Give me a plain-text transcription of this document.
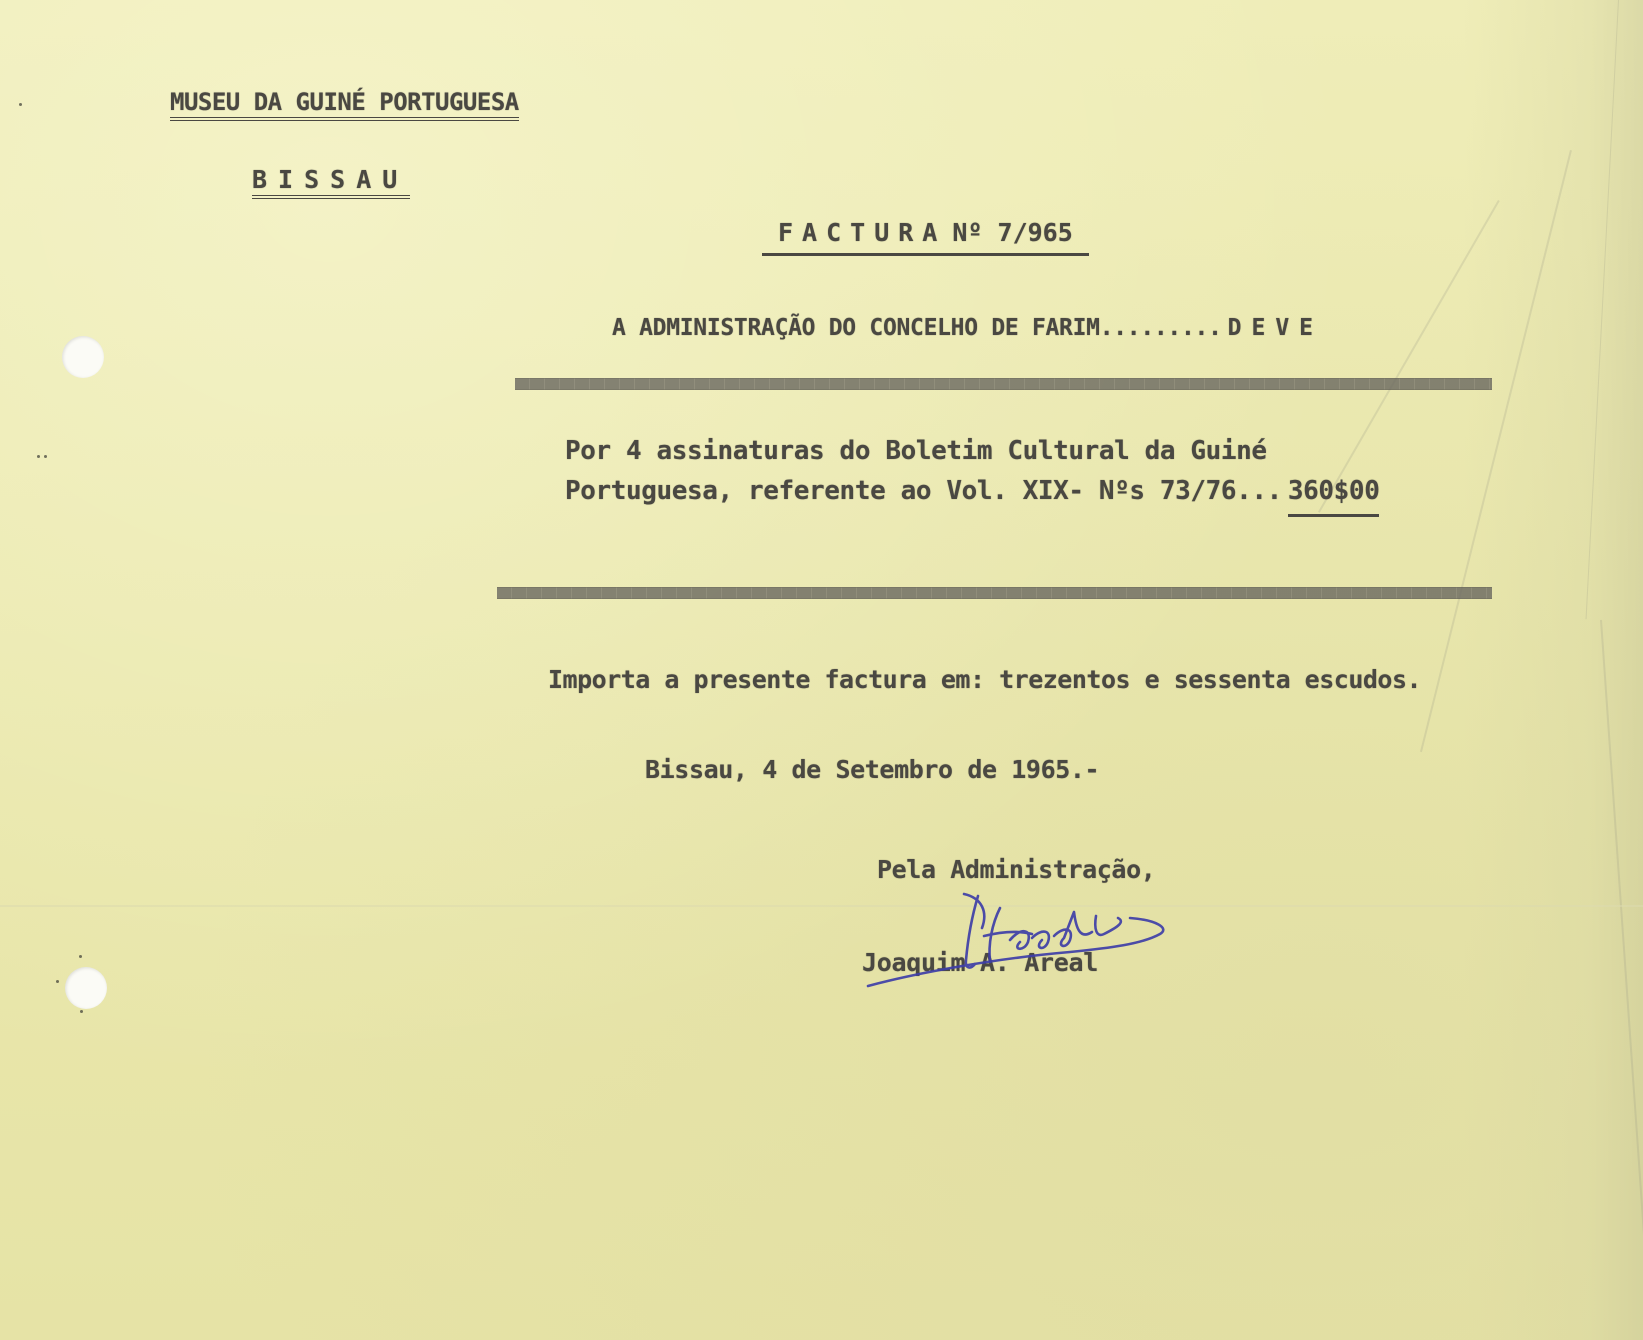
MUSEU DA GUINÉ PORTUGUESA
BISSAU
FACTURA Nº 7/965
A ADMINISTRAÇÃO DO CONCELHO DE FARIM......... DEVE
Por 4 assinaturas do Boletim Cultural da Guiné
Portuguesa, referente ao Vol. XIX- Nºs 73/76... 360$00
Importa a presente factura em: trezentos e sessenta escudos.
Bissau, 4 de Setembro de 1965.-
Pela Administração,
Joaquim A. Areal
